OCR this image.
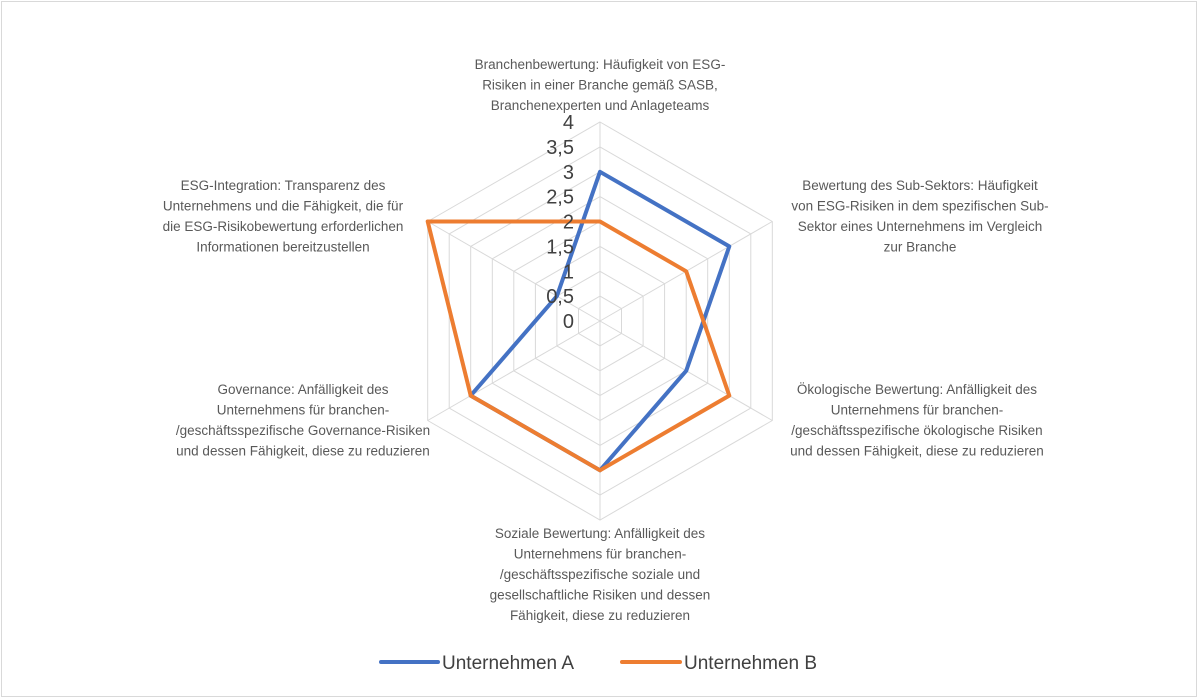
0
0,5
1
1,5
2
2,5
3
3,5
4
Branchenbewertung: Häufigkeit von ESG-Risiken in einer Branche gemäß SASB, Branchenexperten und Anlageteams
Bewertung des Sub-Sektors: Häufigkeit von ESG-Risiken in dem spezifischen Sub-Sektor eines Unternehmens im Vergleich zur Branche
Ökologische Bewertung: Anfälligkeit des Unternehmens für branchen-/geschäftsspezifische ökologische Risiken und dessen Fähigkeit, diese zu reduzieren
Soziale Bewertung: Anfälligkeit des Unternehmens für branchen-/geschäftsspezifische soziale und gesellschaftliche Risiken und dessen Fähigkeit, diese zu reduzieren
Governance: Anfälligkeit des Unternehmens für branchen-/geschäftsspezifische Governance-Risiken und dessen Fähigkeit, diese zu reduzieren
ESG-Integration: Transparenz des Unternehmens und die Fähigkeit, die für die ESG-Risikobewertung erforderlichen Informationen bereitzustellen
Unternehmen A	Unternehmen B
